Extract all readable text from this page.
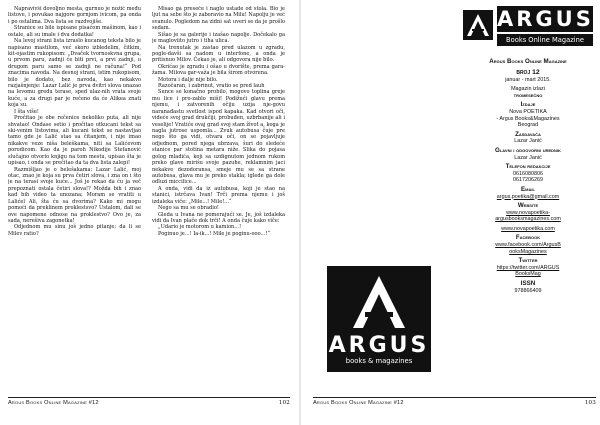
Napravivši dovoljno mesta, gurnuo je nožić među listove, i povukao najgore gornjom ivicom, pa onda i po ostalima. Dva lista se razdvojiše.

Stranice su bile ispisane pisaćom mašinom, kao i ostale, ali su imale i dva dodatka!

Na levoj strani lista izraslo kucanog teksta bilo je napisano mastilom, već skoro izbledelim, čitkim, kit-ojastim rukopisom: „Dvaček tvornoskvna grupa, u prvom paru, zadnji će biti prvi, a prvi zadnji, u drugom paru samo se zadnji ne računa!“ Pod znacima navoda. Na desnoj strani, istim rukopisom, bilo je dodato, bez navoda, kao nekakvo razjašnjenje: Lazar Lalić je prva dvitri slova unazao na levomu gredu terase, sped ulaz-nih vrata svoje kuće, a za drugi par je rečeno da će Alikea znati koja su.

I šta više!

Pročitao je obe rečenice nekoliko puta, ali nije shvatao! Ondase setio i pročitao otkucani tekst sa ski-venim listovima, ali kucani tekst se nastavljao tamo gde je Lalić stao sa čitanjem, i nije imao nikakve veze niša beleškama, niti sa Lalićevom porodicom. Kao da je paroh Nikodije Stefanović slučajno otvorio knjigu na tom mestu, upisao šta je upisao, i onda se prečitao da ta dva lista zalepi!

Razmišljao je o belešakama: Lazar Lalić, moj otac, znao je koja su prva četiri slova, i zna on i što je na terasi svoje kuće... Još je rekao da ću ja več prepoznati ostala četiri slova!? Možda bih i znao kad bih video ta unozana; Moram se vratiti u Lalićel Ali, šta ću sa dvorima? Kako mi mogu pomoći da preklinem proklestsvo? Ustalom, dali se ove napomene odnose na proklestvo? Ovo je, za sada, nerešiva zagonetka!

Odjednom mu sinu još jedno pitanje; da li se Milev ratio?

Misao ga preseče i naglo ustade od stola. Bio je ljut na sebe što je zaboravio na Milu! Napolju je već svanulo. Pogledom na zidni sat uveri se da je prošlo sedam.

Sišao je sa galerije i izašao napolje. Dočekalo ga je magloviito jutro i tiha ulica.

Na trenutak je zastao pred ulazom u zgradu, pogle-davši sa nadom u interfone, a onda je pritisnuo Milov. Čekao je, ali odgovora nije bilo.

Okrićao je zgradu i ošao u dvorište, prema gara-žama. Milova gar-važa je bila širom otvorena.

Motora i dalje nije bilo.

Razočaran, i zabrinut, vratio se pred lauh

Sunce se konačno probilo, mogovo toplina greje mu lice i pro-zablo miši! Podižući glavu prema njemu, i zatvorenih očiju uzija nje-govu naranađastu svetlost ispod kapaka. Kad otvori oči, videće svoj grad drukčiji, probuđen, uzbrbanije ali i veselije! Vratiće ovaj grad svoj stam život a, koga je nagla jutrose uspomla... Zvuk autobusa čuje pre nego što ga vidi, otvara oči, on se pojavljuje odjednom, pored njega ubrzava, šuri do sledeće stanice par stotina metara niže. Slika do pojasa golog mladića, koji sa uzdignutom jednom rukom preko glave mirišu svoje pazuhe, reklamnim jaci nekakve dezodoransa, smeje mu se sa strane autobusa, glava mu je preko stakla; iglede ga dole odluzi miccilice...

A onda, vidi da iz autobusa, koji je stao na stanici, istrčava Ivan! Trči prema njemu i još izdaleka viče: „Mile...! Mile!...“

Nego sa mu se obradio!

Gleda u Ivana ne pomerajući se. Je, još izdaleka vidi da Ivan plače dok trči! A onda čuje kako viče:

„Udario je motorom u kamion...!

Poginuo je...! Ia-ik...! Mile je poginu-ooo...!“

Argus Books Online Magazine #12	102
ARGUS
Books Online Magazine
Argus Books Online Magazine
broj 12
januar - mart 2015.
Magazin izlazi
tromesečno
Izdaje
Nova POETIKA
- Argus Books&Magazines
Beograd
Zasdavača
Lazar Janić
Glavni i odgovorni urednik
Lazar Janić
Telefon redakcije
0616080806
0617206269
Email
argus.poetika@gmail.com
Website
www.novapoetika-
argusbooksmagazines.com
www.novapoetika.com
Facebook
www.facebook.com/ArgusB
ooksMagazines
Twitter
https://twitter.com/ARGUS
BooksMag
ISSN
978866409
ARGUS
books & magazines
Argus Books Online Magazine #12	103
